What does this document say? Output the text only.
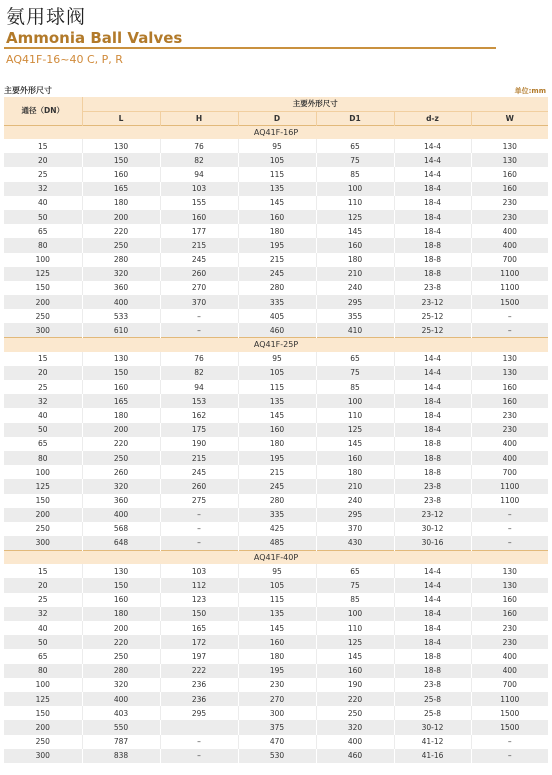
氨用球阀
Ammonia Ball Valves
AQ41F-16~40 C, P, R
主要外形尺寸	单位:mm
通径（DN）	主要外形尺寸					
	L	H	D	D1	d-z	W
AQ41F-16P						
15	130	76	95	65	14-4	130
20	150	82	105	75	14-4	130
25	160	94	115	85	14-4	160
32	165	103	135	100	18-4	160
40	180	155	145	110	18-4	230
50	200	160	160	125	18-4	230
65	220	177	180	145	18-4	400
80	250	215	195	160	18-8	400
100	280	245	215	180	18-8	700
125	320	260	245	210	18-8	1100
150	360	270	280	240	23-8	1100
200	400	370	335	295	23-12	1500
250	533	–	405	355	25-12	–
300	610	–	460	410	25-12	–
AQ41F-25P						
15	130	76	95	65	14-4	130
20	150	82	105	75	14-4	130
25	160	94	115	85	14-4	160
32	165	153	135	100	18-4	160
40	180	162	145	110	18-4	230
50	200	175	160	125	18-4	230
65	220	190	180	145	18-8	400
80	250	215	195	160	18-8	400
100	260	245	215	180	18-8	700
125	320	260	245	210	23-8	1100
150	360	275	280	240	23-8	1100
200	400	–	335	295	23-12	–
250	568	–	425	370	30-12	–
300	648	–	485	430	30-16	–
AQ41F-40P						
15	130	103	95	65	14-4	130
20	150	112	105	75	14-4	130
25	160	123	115	85	14-4	160
32	180	150	135	100	18-4	160
40	200	165	145	110	18-4	230
50	220	172	160	125	18-4	230
65	250	197	180	145	18-8	400
80	280	222	195	160	18-8	400
100	320	236	230	190	23-8	700
125	400	236	270	220	25-8	1100
150	403	295	300	250	25-8	1500
200	550		375	320	30-12	1500
250	787	–	470	400	41-12	–
300	838	–	530	460	41-16	–
